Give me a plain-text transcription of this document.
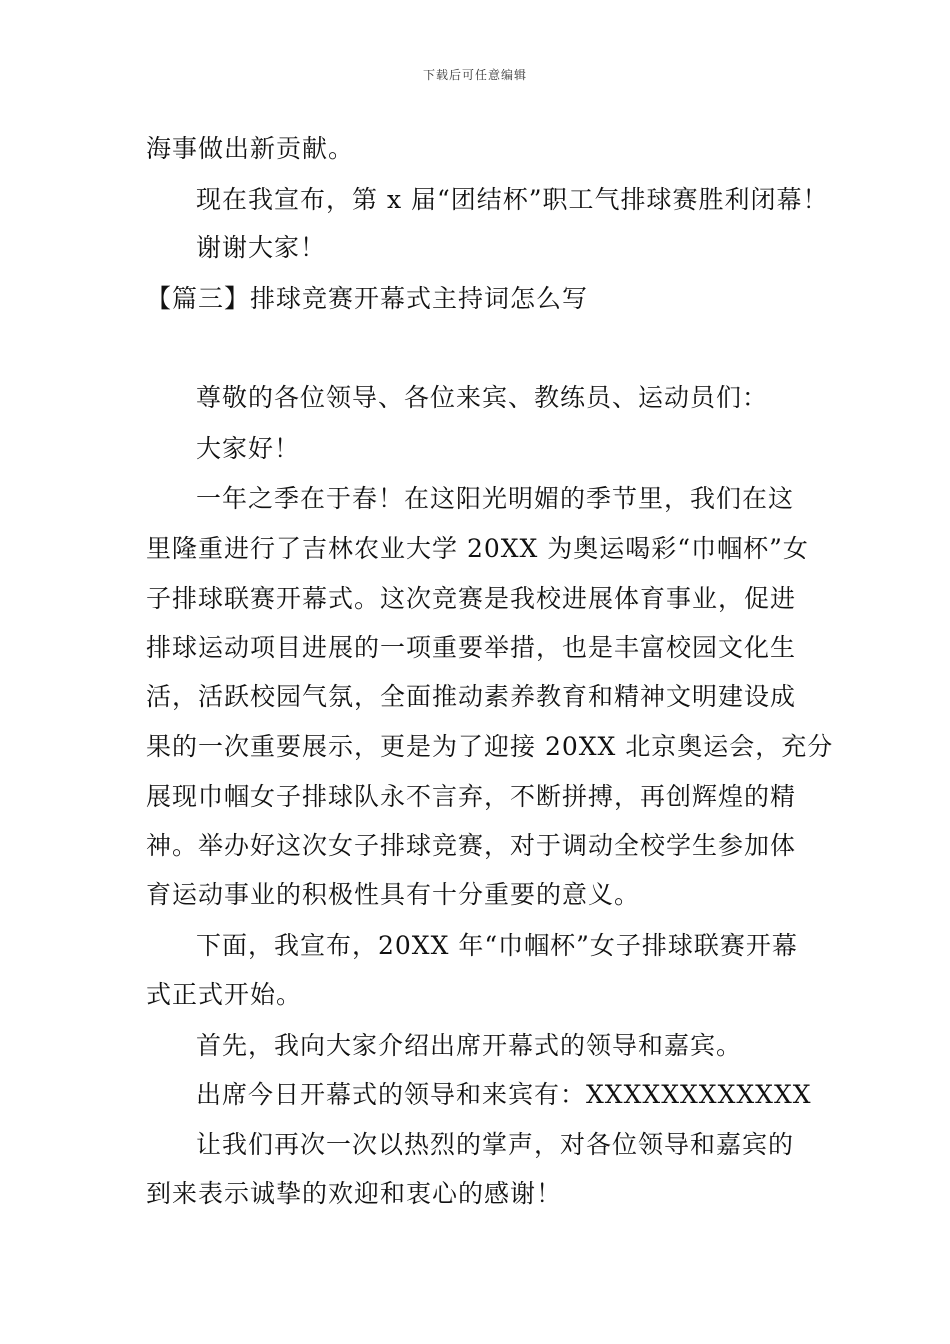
下载后可任意编辑
海事做出新贡献。
现在我宣布，第 x 届“团结杯”职工气排球赛胜利闭幕！
谢谢大家！
【篇三】排球竞赛开幕式主持词怎么写
尊敬的各位领导、各位来宾、教练员、运动员们：
大家好！
一年之季在于春！在这阳光明媚的季节里，我们在这
里隆重进行了吉林农业大学 20XX 为奥运喝彩“巾帼杯”女
子排球联赛开幕式。这次竞赛是我校进展体育事业，促进
排球运动项目进展的一项重要举措，也是丰富校园文化生
活，活跃校园气氛，全面推动素养教育和精神文明建设成
果的一次重要展示，更是为了迎接 20XX 北京奥运会，充分
展现巾帼女子排球队永不言弃，不断拼搏，再创辉煌的精
神。举办好这次女子排球竞赛，对于调动全校学生参加体
育运动事业的积极性具有十分重要的意义。
下面，我宣布，20XX 年“巾帼杯”女子排球联赛开幕
式正式开始。
首先，我向大家介绍出席开幕式的领导和嘉宾。
出席今日开幕式的领导和来宾有：XXXXXXXXXXXX
让我们再次一次以热烈的掌声，对各位领导和嘉宾的
到来表示诚挚的欢迎和衷心的感谢！
